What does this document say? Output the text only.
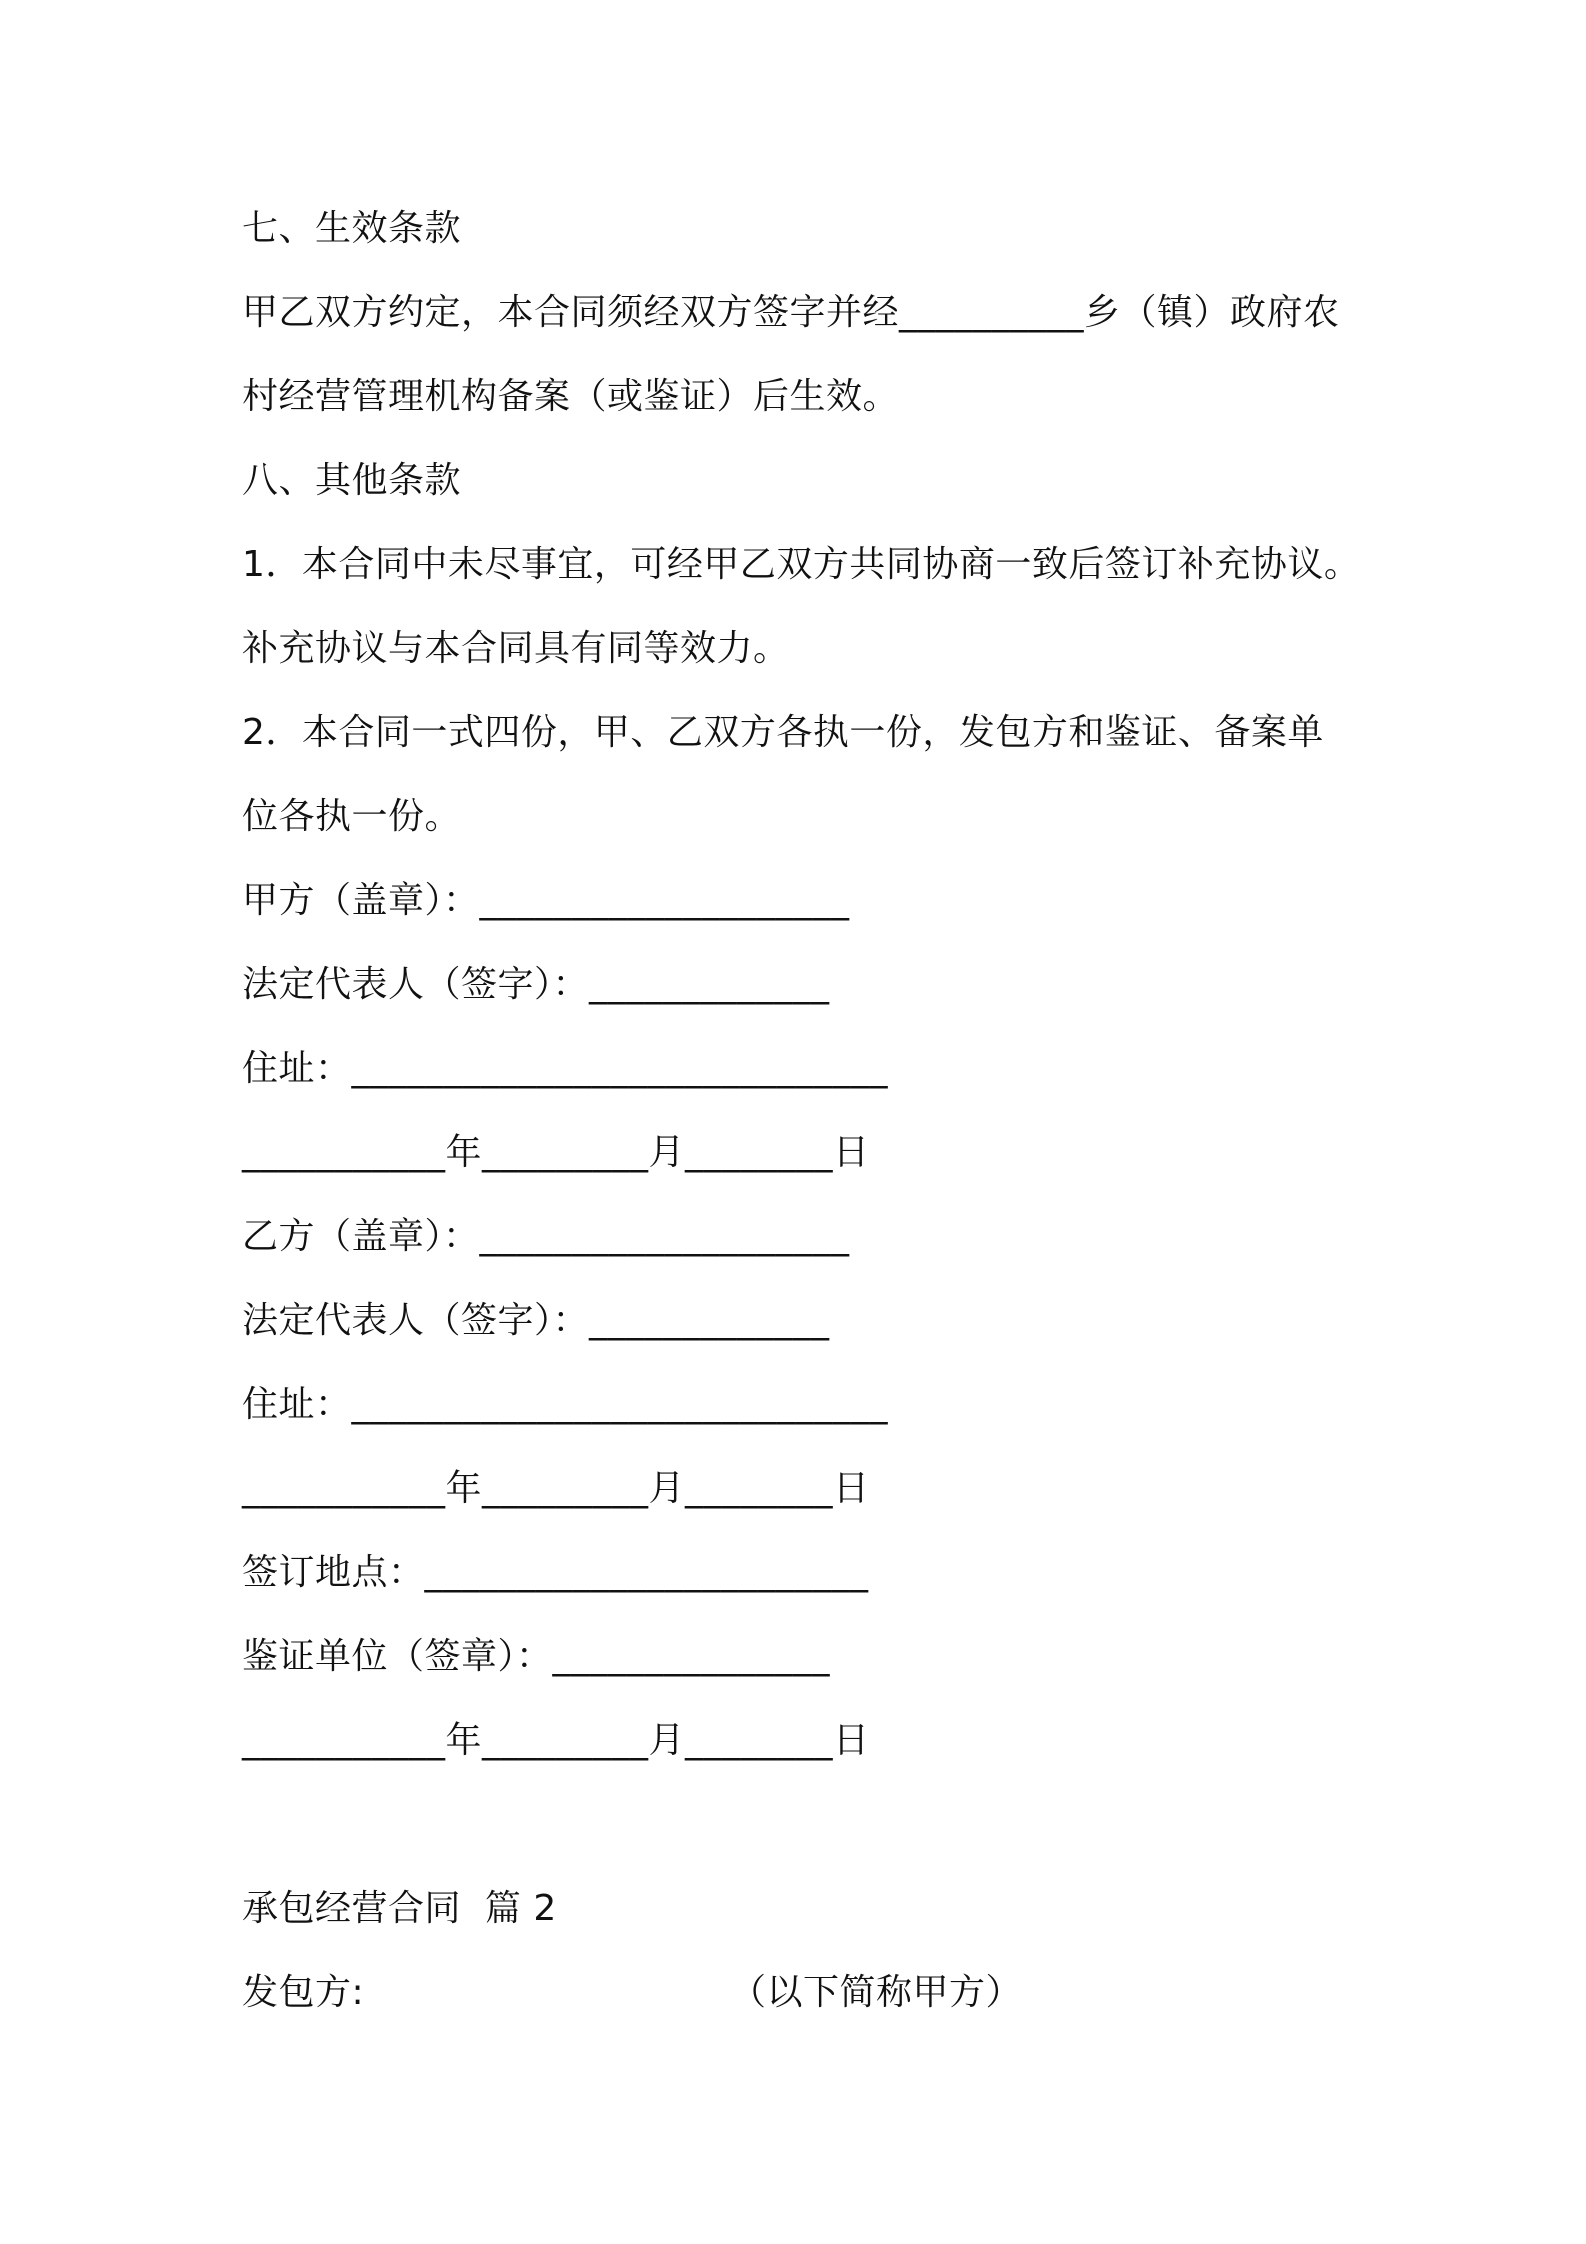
七、生效条款
甲乙双方约定，本合同须经双方签字并经__________乡（镇）政府农
村经营管理机构备案（或鉴证）后生效。
八、其他条款
1．本合同中未尽事宜，可经甲乙双方共同协商一致后签订补充协议。
补充协议与本合同具有同等效力。
2．本合同一式四份，甲、乙双方各执一份，发包方和鉴证、备案单
位各执一份。
甲方（盖章）：____________________
法定代表人（签字）：_____________
住址：_____________________________
___________年_________月________日
乙方（盖章）：____________________
法定代表人（签字）：_____________
住址：_____________________________
___________年_________月________日
签订地点：________________________
鉴证单位（签章）：_______________
___________年_________月________日
承包经营合同  篇 2
发包方:	（以下简称甲方）
